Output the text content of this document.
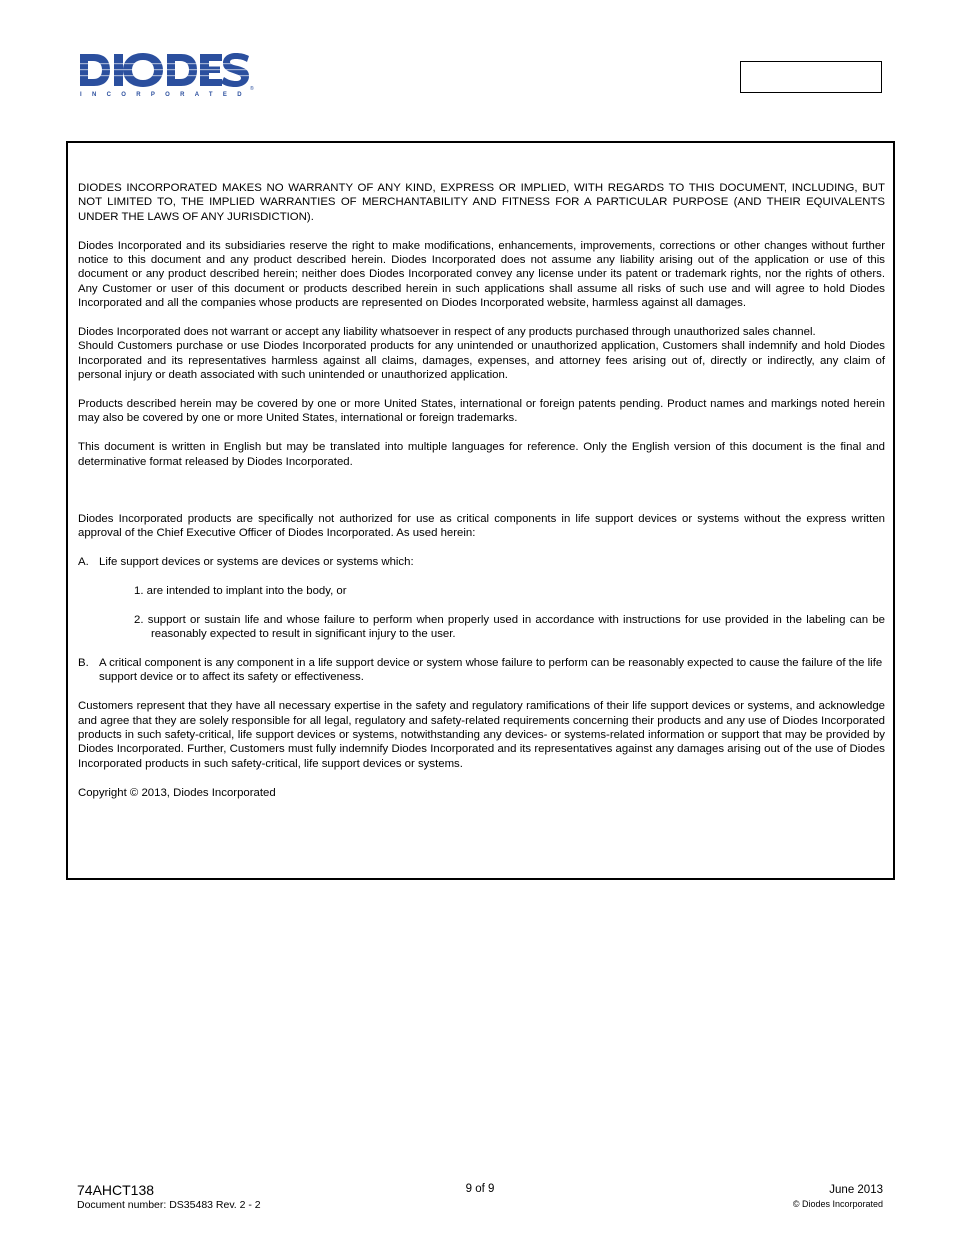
INCORPORATED
®

DIODES INCORPORATED MAKES NO WARRANTY OF ANY KIND, EXPRESS OR IMPLIED, WITH REGARDS TO THIS DOCUMENT, INCLUDING, BUT NOT LIMITED TO, THE IMPLIED WARRANTIES OF MERCHANTABILITY AND FITNESS FOR A PARTICULAR PURPOSE (AND THEIR EQUIVALENTS UNDER THE LAWS OF ANY JURISDICTION).

Diodes Incorporated and its subsidiaries reserve the right to make modifications, enhancements, improvements, corrections or other changes without further notice to this document and any product described herein. Diodes Incorporated does not assume any liability arising out of the application or use of this document or any product described herein; neither does Diodes Incorporated convey any license under its patent or trademark rights, nor the rights of others. Any Customer or user of this document or products described herein in such applications shall assume all risks of such use and will agree to hold Diodes Incorporated and all the companies whose products are represented on Diodes Incorporated website, harmless against all damages.

Diodes Incorporated does not warrant or accept any liability whatsoever in respect of any products purchased through unauthorized sales channel.

Should Customers purchase or use Diodes Incorporated products for any unintended or unauthorized application, Customers shall indemnify and hold Diodes Incorporated and its representatives harmless against all claims, damages, expenses, and attorney fees arising out of, directly or indirectly, any claim of personal injury or death associated with such unintended or unauthorized application.

Products described herein may be covered by one or more United States, international or foreign patents pending. Product names and markings noted herein may also be covered by one or more United States, international or foreign trademarks.

This document is written in English but may be translated into multiple languages for reference. Only the English version of this document is the final and determinative format released by Diodes Incorporated.

Diodes Incorporated products are specifically not authorized for use as critical components in life support devices or systems without the express written approval of the Chief Executive Officer of Diodes Incorporated. As used herein:

A. Life support devices or systems are devices or systems which:
1. are intended to implant into the body, or
2. support or sustain life and whose failure to perform when properly used in accordance with instructions for use provided in the labeling can be reasonably expected to result in significant injury to the user.
B. A critical component is any component in a life support device or system whose failure to perform can be reasonably expected to cause the failure of the life support device or to affect its safety or effectiveness.

Customers represent that they have all necessary expertise in the safety and regulatory ramifications of their life support devices or systems, and acknowledge and agree that they are solely responsible for all legal, regulatory and safety-related requirements concerning their products and any use of Diodes Incorporated products in such safety-critical, life support devices or systems, notwithstanding any devices- or systems-related information or support that may be provided by Diodes Incorporated. Further, Customers must fully indemnify Diodes Incorporated and its representatives against any damages arising out of the use of Diodes Incorporated products in such safety-critical, life support devices or systems.

Copyright © 2013, Diodes Incorporated

74AHCT138
Document number: DS35483 Rev. 2 - 2
9 of 9	June 2013
© Diodes Incorporated
